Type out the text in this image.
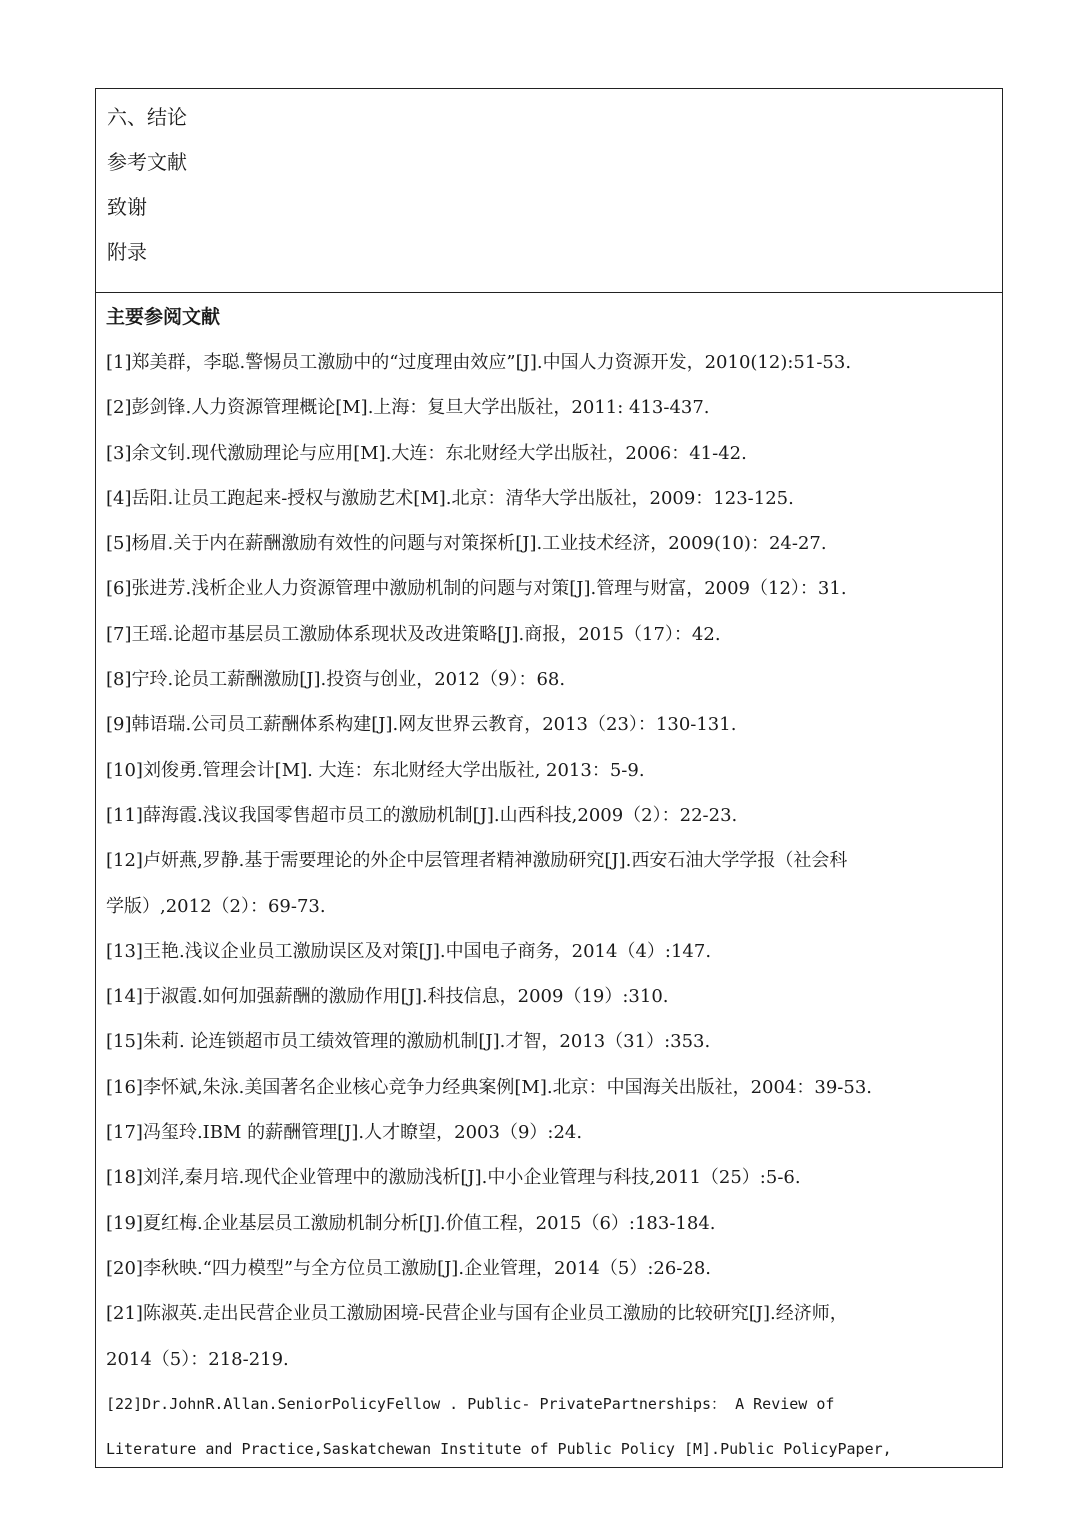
六、结论
参考文献
致谢
附录
主要参阅文献
[1]郑美群，李聪.警惕员工激励中的“过度理由效应”[J].中国人力资源开发，2010(12):51-53.
[2]彭剑锋.人力资源管理概论[M].上海：复旦大学出版社，2011: 413-437.
[3]余文钊.现代激励理论与应用[M].大连：东北财经大学出版社，2006：41-42.
[4]岳阳.让员工跑起来-授权与激励艺术[M].北京：清华大学出版社，2009：123-125.
[5]杨眉.关于内在薪酬激励有效性的问题与对策探析[J].工业技术经济，2009(10)：24-27.
[6]张进芳.浅析企业人力资源管理中激励机制的问题与对策[J].管理与财富，2009（12）：31.
[7]王瑶.论超市基层员工激励体系现状及改进策略[J].商报，2015（17）：42.
[8]宁玲.论员工薪酬激励[J].投资与创业，2012（9）：68.
[9]韩语瑞.公司员工薪酬体系构建[J].网友世界云教育，2013（23）：130-131.
[10]刘俊勇.管理会计[M]. 大连：东北财经大学出版社, 2013：5-9.
[11]薛海霞.浅议我国零售超市员工的激励机制[J].山西科技,2009（2）：22-23.
[12]卢妍燕,罗静.基于需要理论的外企中层管理者精神激励研究[J].西安石油大学学报（社会科
学版）,2012（2）：69-73.
[13]王艳.浅议企业员工激励误区及对策[J].中国电子商务，2014（4）:147.
[14]于淑霞.如何加强薪酬的激励作用[J].科技信息，2009（19）:310.
[15]朱莉. 论连锁超市员工绩效管理的激励机制[J].才智，2013（31）:353.
[16]李怀斌,朱泳.美国著名企业核心竞争力经典案例[M].北京：中国海关出版社，2004：39-53.
[17]冯玺玲.IBM 的薪酬管理[J].人才瞭望，2003（9）:24.
[18]刘洋,秦月培.现代企业管理中的激励浅析[J].中小企业管理与科技,2011（25）:5-6.
[19]夏红梅.企业基层员工激励机制分析[J].价值工程，2015（6）:183-184.
[20]李秋映.“四力模型”与全方位员工激励[J].企业管理，2014（5）:26-28.
[21]陈淑英.走出民营企业员工激励困境-民营企业与国有企业员工激励的比较研究[J].经济师，
2014（5）：218-219.
[22]Dr.JohnR.Allan.SeniorPolicyFellow . Public- PrivatePartnerships： A Review of
Literature and Practice,Saskatchewan Institute of Public Policy [M].Public PolicyPaper,
